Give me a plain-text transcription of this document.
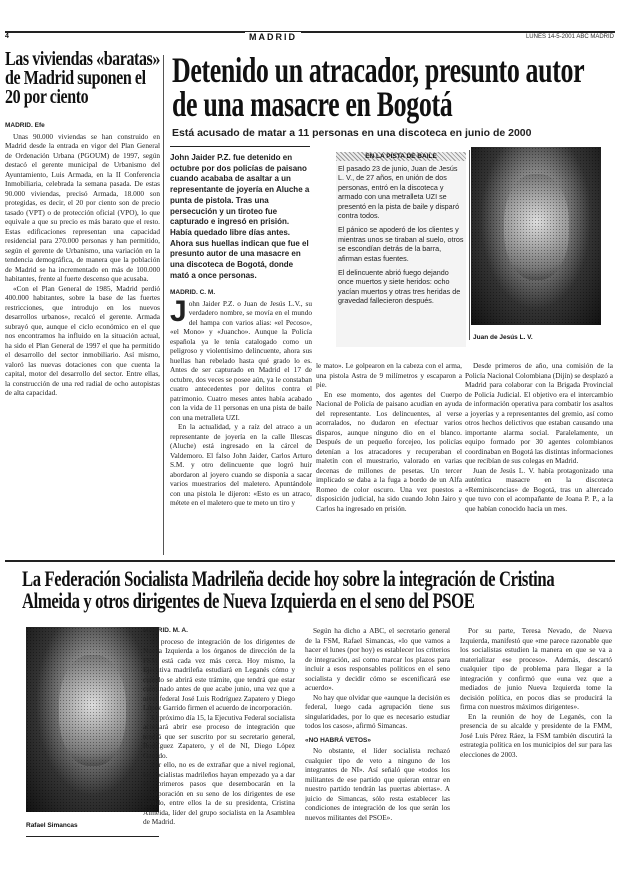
4	MADRID	LUNES 14-5-2001 ABC MADRID
Las viviendas «baratas» de Madrid suponen el 20 por ciento
MADRID. Efe

Unas 90.000 viviendas se han construido en Madrid desde la entrada en vigor del Plan General de Ordenación Urbana (PGOUM) de 1997, según destacó el gerente municipal de Urbanismo del Ayuntamiento, Luis Armada, en la II Conferencia Inmobiliaria, celebrada la semana pasada. De estas 90.000 viviendas, precisó Armada, 18.000 son protegidas, es decir, el 20 por ciento son de precio tasado (VPT) o de protección oficial (VPO), lo que equivale a que su precio es más barato que el resto. Estas edificaciones representan una capacidad residencial para 270.000 personas y han permitido, según el gerente de Urbanismo, una variación en la tendencia demográfica, de manera que la población de Madrid se ha incrementado en más de 100.000 habitantes, frente al fuerte descenso que acusaba.

«Con el Plan General de 1985, Madrid perdió 400.000 habitantes, sobre la base de las fuertes restricciones, que introdujo en los nuevos desarrollos urbanos», recalcó el gerente. Armada subrayó que, aunque el ciclo económico en el que nos encontramos ha influido en la situación actual, ha sido el Plan General de 1997 el que ha permitido el desarrollo del sector inmobiliario. Así mismo, valoró las nuevas dotaciones con que cuenta la capital, motor del desarrollo del sector. Entre ellas, la construcción de una red radial de ocho autopistas de alta capacidad.

Detenido un atracador, presunto autor de una masacre en Bogotá
Está acusado de matar a 11 personas en una discoteca en junio de 2000
John Jaider P.Z. fue detenido en octubre por dos policías de paisano cuando acababa de asaltar a un representante de joyería en Aluche a punta de pistola. Tras una persecución y un tiroteo fue capturado e ingresó en prisión. Había quedado libre días antes. Ahora sus huellas indican que fue el presunto autor de una masacre en una discoteca de Bogotá, donde mató a once personas.
MADRID. C. M.
J ohn Jaider P.Z. o Juan de Jesús L.V., su verdadero nombre, se movía en el mundo del hampa con varios alias: «el Pecoso», «el Mono» y «Juancho». Aunque la Policía española ya le tenía catalogado como un peligroso y violentísimo delincuente, ahora sus huellas han rebelado hasta qué grado lo es. Antes de ser capturado en Madrid el 17 de octubre, dos veces se posee aún, ya le constaban cuatro antecedentes por delitos contra el patrimonio. Cuatro meses antes había acabado con la vida de 11 personas en una pista de baile con una metralleta UZI.

En la actualidad, y a raíz del atraco a un representante de joyería en la calle Illescas (Aluche) está ingresado en la cárcel de Valdemoro. El falso John Jaider, Carlos Arturo S.M. y otro delincuente que logró huir abordaron al joyero cuando se disponía a sacar varios muestrarios del maletero. Apuntándole con una pistola le dijeron: «Esto es un atraco, métete en el maletero que te meto un tiro y

EN LA PISTA DE BAILE

El pasado 23 de junio, Juan de Jesús L. V., de 27 años, en unión de dos personas, entró en la discoteca y armado con una metralleta UZI se presentó en la pista de baile y disparó contra todos.

El pánico se apoderó de los clientes y mientras unos se tiraban al suelo, otros se escondían detrás de la barra, afirman estas fuentes.

El delincuente abrió fuego dejando once muertos y siete heridos: ocho yacían muertos y otras tres heridas de gravedad fallecieron después.

Juan de Jesús L. V.

le mato». Le golpearon en la cabeza con el arma, una pistola Astra de 9 milímetros y escaparon a pie.

En ese momento, dos agentes del Cuerpo Nacional de Policía de paisano acudían en ayuda del representante. Los delincuentes, al verse acorralados, no dudaron en efectuar varios disparos, aunque ninguno dio en el blanco. Después de un pequeño forcejeo, los policías detenían a los atracadores y recuperaban el maletín con el muestrario, valorado en varias decenas de millones de pesetas. Un tercer implicado se daba a la fuga a bordo de un Alfa Romeo de color oscuro. Una vez puestos a disposición judicial, ha sido cuando John Jairo y Carlos ha ingresado en prisión.

Desde primeros de año, una comisión de la Policía Nacional Colombiana (Dijín) se desplazó a Madrid para colaborar con la Brigada Provincial de Policía Judicial. El objetivo era el intercambio de información operativa para combatir los asaltos a joyerías y a representantes del gremio, así como otros hechos delictivos que estaban causando una importante alarma social. Paralelamente, un equipo formado por 30 agentes colombianos coordinaban en Bogotá las distintas informaciones que recibían de sus colegas en Madrid.

Juan de Jesús L. V. había protagonizado una auténtica masacre en la discoteca «Reminiscencias» de Bogotá, tras un altercado que tuvo con el acompañante de Joana P. P., a la que habían conocido hacía un mes.

La Federación Socialista Madrileña decide hoy sobre la integración de Cristina Almeida y otros dirigentes de Nueva Izquierda en el seno del PSOE
Rafael Simancas
MADRID. M. A.

El proceso de integración de los dirigentes de Nueva Izquierda a los órganos de dirección de la FSM está cada vez más cerca. Hoy mismo, la Ejecutiva madrileña estudiará en Leganés cómo y cuándo se abrirá este trámite, que tendrá que estar culminado antes de que acabe junio, una vez que a nivel federal José Luis Rodríguez Zapatero y Diego López Garrido firmen el acuerdo de incorporación.

El próximo día 15, la Ejecutiva Federal socialista acordará abrir ese proceso de integración que tendrá que ser suscrito por su secretario general, Rodríguez Zapatero, y el de NI, Diego López Garrido.

Por ello, no es de extrañar que a nivel regional, los socialistas madrileños hayan empezado ya a dar los primeros pasos que desembocarán en la incorporación en su seno de los dirigentes de ese partido, entre ellos la de su presidenta, Cristina Almeida, líder del grupo socialista en la Asamblea de Madrid.

Según ha dicho a ABC, el secretario general de la FSM, Rafael Simancas, «lo que vamos a hacer el lunes (por hoy) es establecer los criterios de integración, así como marcar los plazos para incluir a esos responsables políticos en el seno socialista y decidir cómo se escenificará ese acuerdo».

No hay que olvidar que «aunque la decisión es federal, luego cada agrupación tiene sus singularidades, por lo que es necesario estudiar todos los casos», afirmó Simancas.

«NO HABRÁ VETOS»

No obstante, el líder socialista rechazó cualquier tipo de veto a ninguno de los integrantes de NI». Así señaló que «todos los militantes de ese partido que quieran entrar en nuestro partido tendrán las puertas abiertas». A juicio de Simancas, sólo resta establecer las condiciones de integración de los que serán los nuevos militantes del PSOE».

Por su parte, Teresa Nevado, de Nueva Izquierda, manifestó que «me parece razonable que los socialistas estudien la manera en que se va a materializar ese proceso». Además, descartó cualquier tipo de problema para llegar a la integración y confirmó que «una vez que a mediados de junio Nueva Izquierda tome la decisión política, en pocos días se producirá la firma con nuestros máximos dirigentes».

En la reunión de hoy de Leganés, con la presencia de su alcalde y presidente de la FMM, José Luis Pérez Ráez, la FSM también discutirá la estrategia política en los municipios del sur para las elecciones de 2003.
